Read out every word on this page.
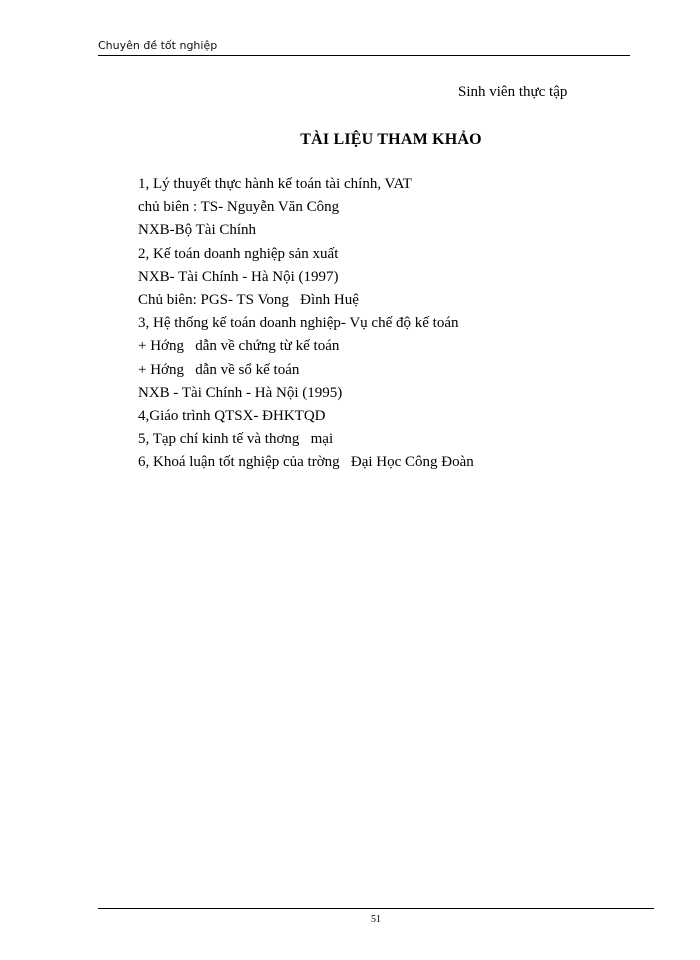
Chuyên đề tốt nghiệp
Sinh viên thực tập
TÀI LIỆU THAM KHẢO
1, Lý thuyết thực hành kế toán tài chính, VAT
chủ biên : TS- Nguyễn Văn Công
NXB-Bộ Tài Chính
2, Kế toán doanh nghiệp sản xuất
NXB- Tài Chính - Hà Nội (1997)
Chủ biên: PGS- TS Vong   Đình Huệ
3, Hệ thống kế toán doanh nghiệp- Vụ chế độ kế toán
+ Hớng   dẫn về chứng từ kế toán
+ Hớng   dẫn về sổ kế toán
NXB - Tài Chính - Hà Nội (1995)
4,Giáo trình QTSX- ĐHKTQD
5, Tạp chí kinh tế và thơng   mại
6, Khoá luận tốt nghiệp của trờng   Đại Học Công Đoàn
51
